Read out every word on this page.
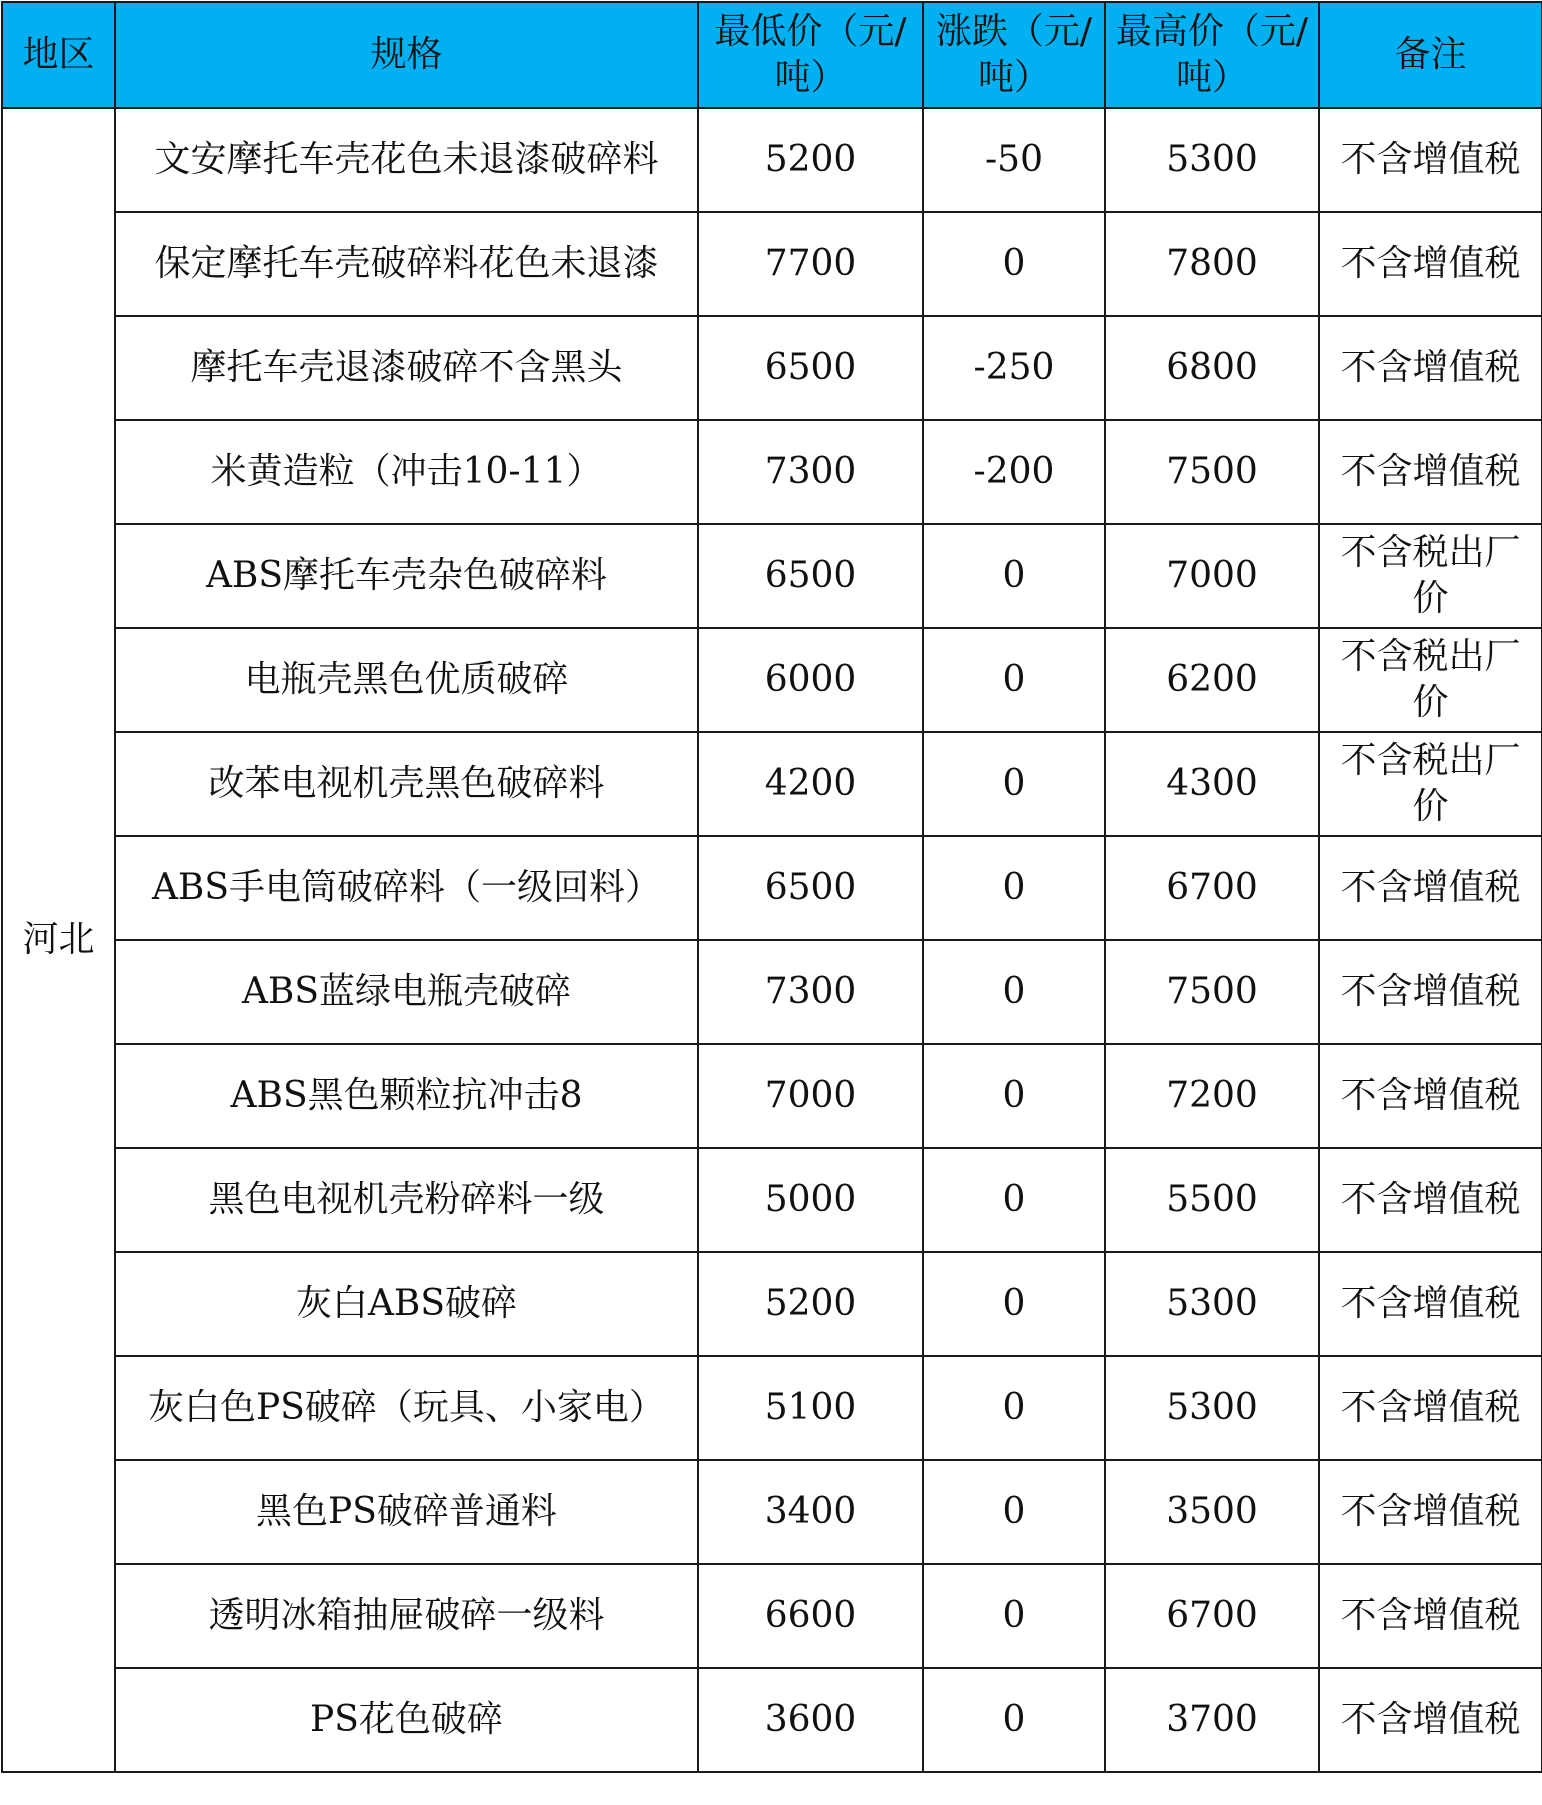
地区	规格	最低价（元/吨）	涨跌（元/吨）	最高价（元/吨）	备注
河北	文安摩托车壳花色未退漆破碎料	5200	-50	5300	不含增值税
	保定摩托车壳破碎料花色未退漆	7700	0	7800	不含增值税
	摩托车壳退漆破碎不含黑头	6500	-250	6800	不含增值税
	米黄造粒（冲击10-11）	7300	-200	7500	不含增值税
	ABS摩托车壳杂色破碎料	6500	0	7000	不含税出厂价
	电瓶壳黑色优质破碎	6000	0	6200	不含税出厂价
	改苯电视机壳黑色破碎料	4200	0	4300	不含税出厂价
	ABS手电筒破碎料（一级回料）	6500	0	6700	不含增值税
	ABS蓝绿电瓶壳破碎	7300	0	7500	不含增值税
	ABS黑色颗粒抗冲击8	7000	0	7200	不含增值税
	黑色电视机壳粉碎料一级	5000	0	5500	不含增值税
	灰白ABS破碎	5200	0	5300	不含增值税
	灰白色PS破碎（玩具、小家电）	5100	0	5300	不含增值税
	黑色PS破碎普通料	3400	0	3500	不含增值税
	透明冰箱抽屉破碎一级料	6600	0	6700	不含增值税
	PS花色破碎	3600	0	3700	不含增值税
